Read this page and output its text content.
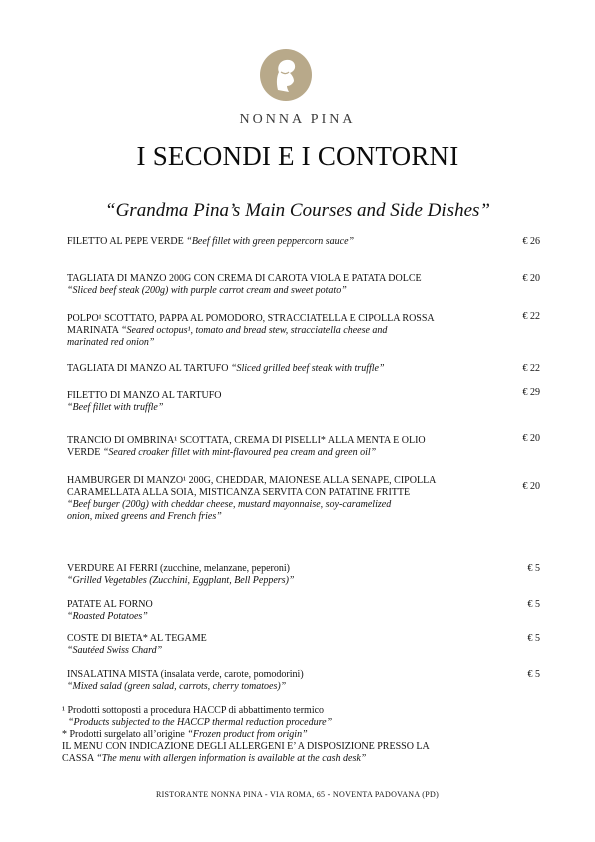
NONNA PINA
I SECONDI E I CONTORNI
“Grandma Pina’s Main Courses and Side Dishes”
FILETTO AL PEPE VERDE “Beef fillet with green peppercorn sauce”	€ 26
TAGLIATA DI MANZO 200G CON CREMA DI CAROTA VIOLA E PATATA DOLCE
“Sliced beef steak (200g) with purple carrot cream and sweet potato”
€ 20
POLPO¹ SCOTTATO, PAPPA AL POMODORO, STRACCIATELLA E CIPOLLA ROSSA
MARINATA “Seared octopus¹, tomato and bread stew, stracciatella cheese and
marinated red onion”
€ 22
TAGLIATA DI MANZO AL TARTUFO “Sliced grilled beef steak with truffle”	€ 22
FILETTO DI MANZO AL TARTUFO
“Beef fillet with truffle”
€ 29
TRANCIO DI OMBRINA¹ SCOTTATA, CREMA DI PISELLI* ALLA MENTA E OLIO
VERDE “Seared croaker fillet with mint-flavoured pea cream and green oil”
€ 20
HAMBURGER DI MANZO¹ 200G, CHEDDAR, MAIONESE ALLA SENAPE, CIPOLLA
CARAMELLATA ALLA SOIA, MISTICANZA SERVITA CON PATATINE FRITTE
“Beef burger (200g) with cheddar cheese, mustard mayonnaise, soy-caramelized
onion, mixed greens and French fries”
€ 20
VERDURE AI FERRI (zucchine, melanzane, peperoni)
“Grilled Vegetables (Zucchini, Eggplant, Bell Peppers)”
€ 5
PATATE AL FORNO
“Roasted Potatoes”
€ 5
COSTE DI BIETA* AL TEGAME
“Sautéed Swiss Chard”
€ 5
INSALATINA MISTA (insalata verde, carote, pomodorini)
“Mixed salad (green salad, carrots, cherry tomatoes)”
€ 5
¹ Prodotti sottoposti a procedura HACCP di abbattimento termico
“Products subjected to the HACCP thermal reduction procedure”
* Prodotti surgelato all’origine “Frozen product from origin”
IL MENU CON INDICAZIONE DEGLI ALLERGENI E’ A DISPOSIZIONE PRESSO LA
CASSA “The menu with allergen information is available at the cash desk”
RISTORANTE NONNA PINA - VIA ROMA, 65 - NOVENTA PADOVANA (PD)
